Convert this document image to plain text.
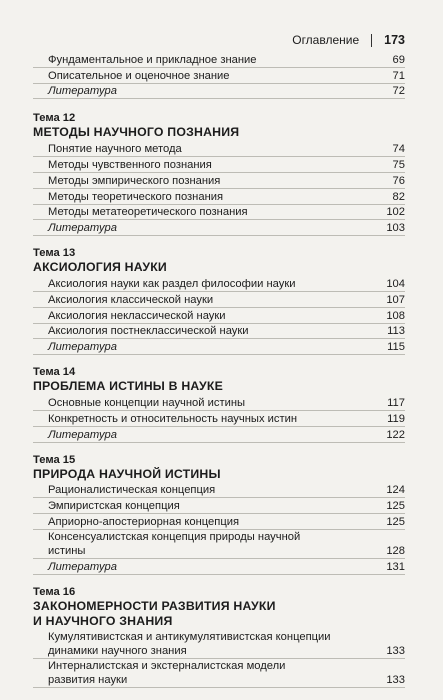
Оглавление 173
Фундаментальное и прикладное знание	69
Описательное и оценочное знание	71
Литература	72
Тема 12
МЕТОДЫ НАУЧНОГО ПОЗНАНИЯ
Понятие научного метода	74
Методы чувственного познания	75
Методы эмпирического познания	76
Методы теоретического познания	82
Методы метатеоретического познания	102
Литература	103
Тема 13
АКСИОЛОГИЯ НАУКИ
Аксиология науки как раздел философии науки	104
Аксиология классической науки	107
Аксиология неклассической науки	108
Аксиология постнеклассической науки	113
Литература	115
Тема 14
ПРОБЛЕМА ИСТИНЫ В НАУКЕ
Основные концепции научной истины	117
Конкретность и относительность научных истин	119
Литература	122
Тема 15
ПРИРОДА НАУЧНОЙ ИСТИНЫ
Рационалистическая концепция	124
Эмпиристская концепция	125
Априорно-апостериорная концепция	125
Консенсуалистская концепция природы научной
истины	128
Литература	131
Тема 16
ЗАКОНОМЕРНОСТИ РАЗВИТИЯ НАУКИ
И НАУЧНОГО ЗНАНИЯ
Кумулятивистская и антикумулятивистская концепции
динамики научного знания	133
Интерналистская и экстерналистская модели
развития науки	133
